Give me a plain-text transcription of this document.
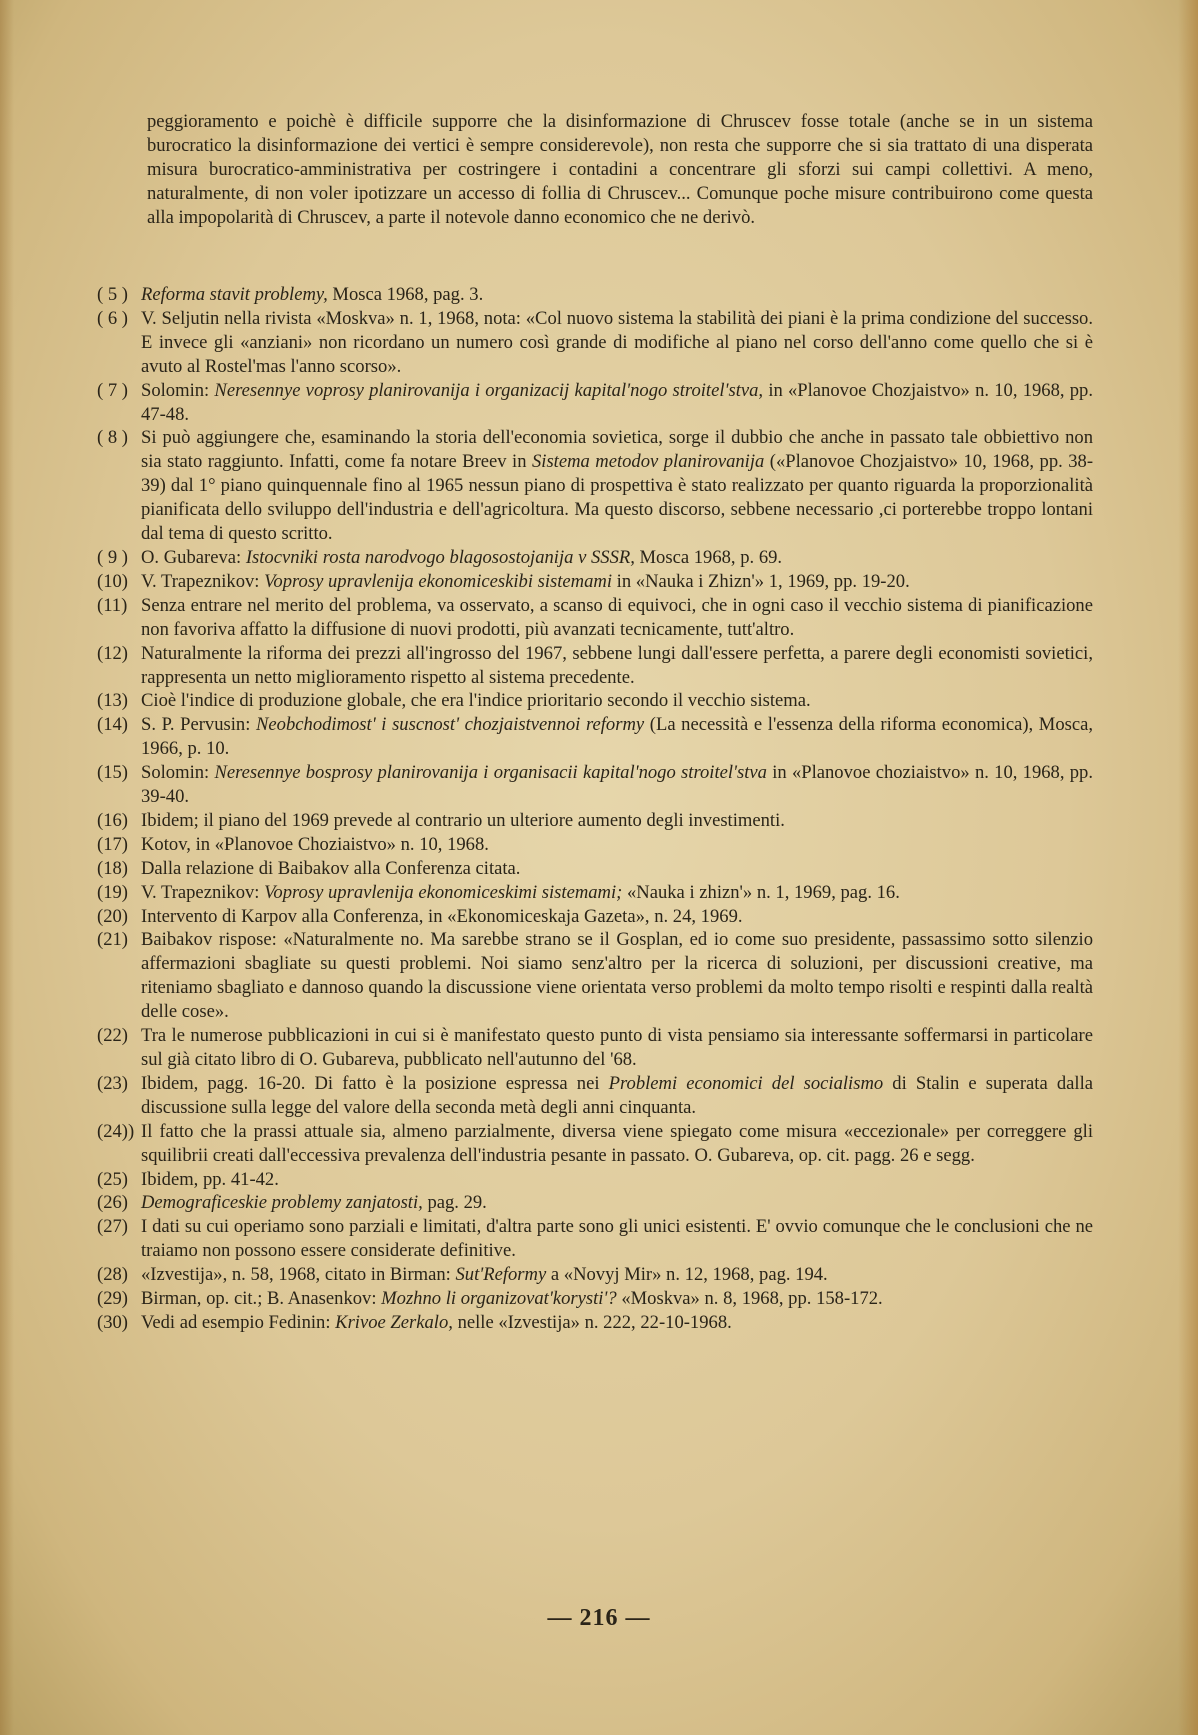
peggioramento e poichè è difficile supporre che la disinformazione di Chruscev fosse totale (anche se in un sistema burocratico la disinformazione dei vertici è sempre considerevole), non resta che supporre che si sia trattato di una disperata misura burocratico-amministrativa per costringere i contadini a concentrare gli sforzi sui campi collettivi. A meno, naturalmente, di non voler ipotizzare un accesso di follia di Chruscev... Comunque poche misure contribuirono come questa alla impopolarità di Chruscev, a parte il notevole danno economico che ne derivò.

( 5 ) Reforma stavit problemy, Mosca 1968, pag. 3.
( 6 ) V. Seljutin nella rivista «Moskva» n. 1, 1968, nota: «Col nuovo sistema la stabilità dei piani è la prima condizione del successo. E invece gli «anziani» non ricordano un numero così grande di modifiche al piano nel corso dell'anno come quello che si è avuto al Rostel'mas l'anno scorso».
( 7 ) Solomin: Neresennye voprosy planirovanija i organizacij kapital'nogo stroitel'stva, in «Planovoe Chozjaistvo» n. 10, 1968, pp. 47-48.
( 8 ) Si può aggiungere che, esaminando la storia dell'economia sovietica, sorge il dubbio che anche in passato tale obbiettivo non sia stato raggiunto. Infatti, come fa notare Breev in Sistema metodov planirovanija («Planovoe Chozjaistvo» 10, 1968, pp. 38-39) dal 1° piano quinquennale fino al 1965 nessun piano di prospettiva è stato realizzato per quanto riguarda la proporzionalità pianificata dello sviluppo dell'industria e dell'agricoltura. Ma questo discorso, sebbene necessario ,ci porterebbe troppo lontani dal tema di questo scritto.
( 9 ) O. Gubareva: Istocvniki rosta narodvogo blagosostojanija v SSSR, Mosca 1968, p. 69.
(10) V. Trapeznikov: Voprosy upravlenija ekonomiceskibi sistemami in «Nauka i Zhizn'» 1, 1969, pp. 19-20.
(11) Senza entrare nel merito del problema, va osservato, a scanso di equivoci, che in ogni caso il vecchio sistema di pianificazione non favoriva affatto la diffusione di nuovi prodotti, più avanzati tecnicamente, tutt'altro.
(12) Naturalmente la riforma dei prezzi all'ingrosso del 1967, sebbene lungi dall'essere perfetta, a parere degli economisti sovietici, rappresenta un netto miglioramento rispetto al sistema precedente.
(13) Cioè l'indice di produzione globale, che era l'indice prioritario secondo il vecchio sistema.
(14) S. P. Pervusin: Neobchodimost' i suscnost' chozjaistvennoi reformy (La necessità e l'essenza della riforma economica), Mosca, 1966, p. 10.
(15) Solomin: Neresennye bosprosy planirovanija i organisacii kapital'nogo stroitel'stva in «Planovoe choziaistvo» n. 10, 1968, pp. 39-40.
(16) Ibidem; il piano del 1969 prevede al contrario un ulteriore aumento degli investimenti.
(17) Kotov, in «Planovoe Choziaistvo» n. 10, 1968.
(18) Dalla relazione di Baibakov alla Conferenza citata.
(19) V. Trapeznikov: Voprosy upravlenija ekonomiceskimi sistemami; «Nauka i zhizn'» n. 1, 1969, pag. 16.
(20) Intervento di Karpov alla Conferenza, in «Ekonomiceskaja Gazeta», n. 24, 1969.
(21) Baibakov rispose: «Naturalmente no. Ma sarebbe strano se il Gosplan, ed io come suo presidente, passassimo sotto silenzio affermazioni sbagliate su questi problemi. Noi siamo senz'altro per la ricerca di soluzioni, per discussioni creative, ma riteniamo sbagliato e dannoso quando la discussione viene orientata verso problemi da molto tempo risolti e respinti dalla realtà delle cose».
(22) Tra le numerose pubblicazioni in cui si è manifestato questo punto di vista pensiamo sia interessante soffermarsi in particolare sul già citato libro di O. Gubareva, pubblicato nell'autunno del '68.
(23) Ibidem, pagg. 16-20. Di fatto è la posizione espressa nei Problemi economici del socialismo di Stalin e superata dalla discussione sulla legge del valore della seconda metà degli anni cinquanta.
(24)) Il fatto che la prassi attuale sia, almeno parzialmente, diversa viene spiegato come misura «eccezionale» per correggere gli squilibrii creati dall'eccessiva prevalenza dell'industria pesante in passato. O. Gubareva, op. cit. pagg. 26 e segg.
(25) Ibidem, pp. 41-42.
(26) Demograficeskie problemy zanjatosti, pag. 29.
(27) I dati su cui operiamo sono parziali e limitati, d'altra parte sono gli unici esistenti. E' ovvio comunque che le conclusioni che ne traiamo non possono essere considerate definitive.
(28) «Izvestija», n. 58, 1968, citato in Birman: Sut'Reformy a «Novyj Mir» n. 12, 1968, pag. 194.
(29) Birman, op. cit.; B. Anasenkov: Mozhno li organizovat'korysti'? «Moskva» n. 8, 1968, pp. 158-172.
(30) Vedi ad esempio Fedinin: Krivoe Zerkalo, nelle «Izvestija» n. 222, 22-10-1968.
— 216 —
